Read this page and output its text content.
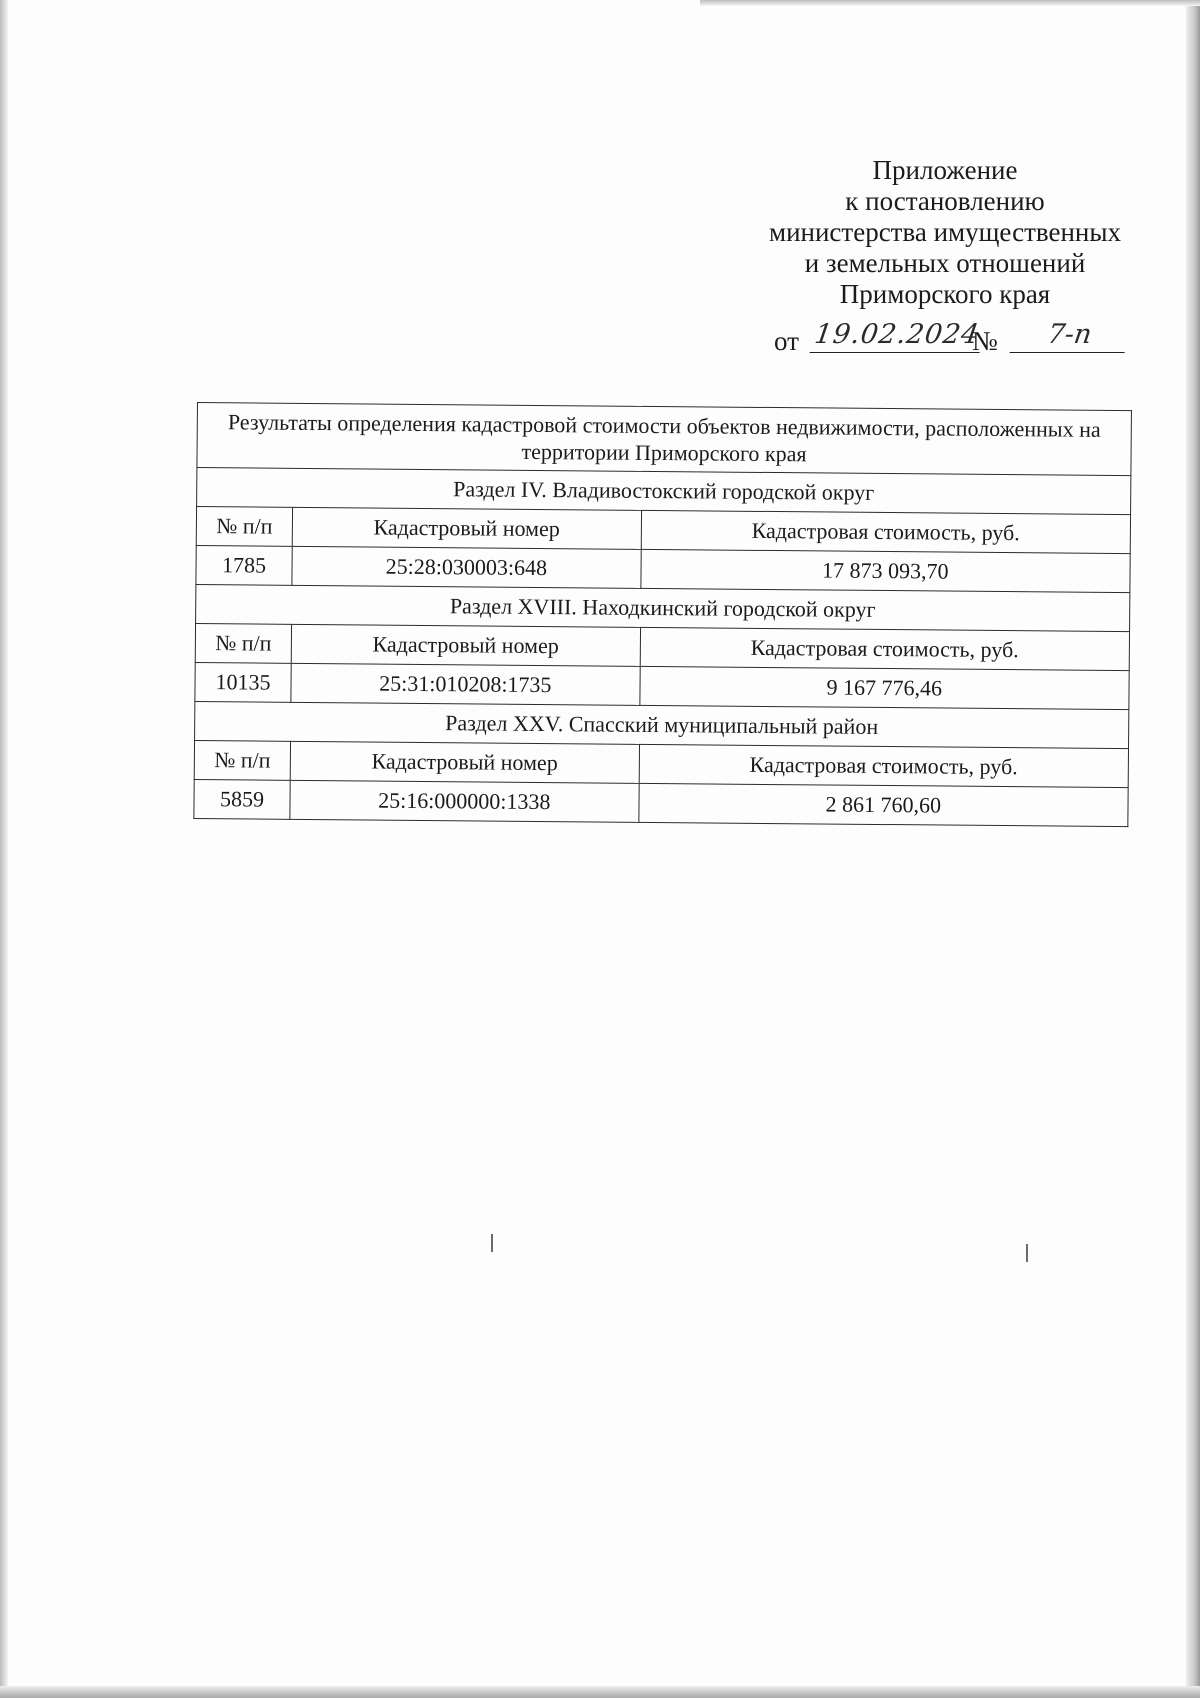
Приложение
к постановлению
министерства имущественных
и земельных отношений
Приморского края
от 19.02.2024
№	7-п
Результаты определения кадастровой стоимости объектов недвижимости, расположенных на территории Приморского края		
Раздел IV. Владивостокский городской округ		
№ п/п	Кадастровый номер	Кадастровая стоимость, руб.
1785	25:28:030003:648	17 873 093,70
Раздел XVIII. Находкинский городской округ		
№ п/п	Кадастровый номер	Кадастровая стоимость, руб.
10135	25:31:010208:1735	9 167 776,46
Раздел XXV. Спасский муниципальный район		
№ п/п	Кадастровый номер	Кадастровая стоимость, руб.
5859	25:16:000000:1338	2 861 760,60
